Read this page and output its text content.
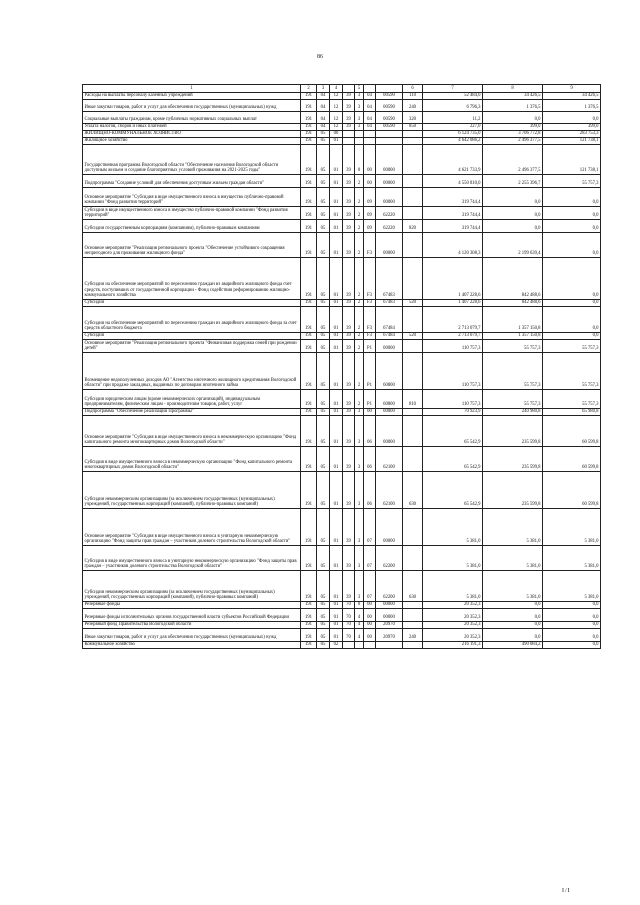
86
1	2	3	4		5			6	7	8	9
Расходы на выплаты персоналу казенных учреждений	191	04	12	39	3	04	00590	110	52 484,0	34 426,5	34 426,5
Иные закупки товаров, работ и услуг для обеспечения государственных (муниципальных) нужд	191	04	12	39	3	04	00590	240	6 796,3	1 376,5	1 376,5
Социальные выплаты гражданам, кроме публичных нормативных социальных выплат	191	04	12	39	3	04	00590	320	11,2	0,0	0,0
Уплата налогов, сборов и иных платежей	191	04	12	39	3	04	00590	850	227,0	399,0	399,0
ЖИЛИЩНО-КОММУНАЛЬНОЕ ХОЗЯЙСТВО	191	05	00						6 124 735,0	3 706 772,8	283 753,3
Жилищное хозяйство	191	05	01						4 642 086,2	2 496 377,5	121 738,1
Государственная программа Вологодской области "Обеспечение населения Вологодской области доступным жильем и создание благоприятных условий проживания на 2021-2025 годы"	191	05	01	39	0	00	00000		4 621 733,9	2 496 377,5	121 738,1
Подпрограмма "Создание условий для обеспечения доступным жильем граждан области"	191	05	01	39	2	00	00000		4 550 810,0	2 255 396,7	55 757,3
Основное мероприятие "Субсидия в виде имущественного взноса в имущество публично-правовой компании "Фонд развития территорий"	191	05	01	39	2	09	00000		319 744,4	0,0	0,0
Субсидии в виде имущественного взноса в имущество публично-правовой компании "Фонд развития территорий"	191	05	01	39	2	09	62220		319 744,4	0,0	0,0
Субсидии государственным корпорациям (компаниям), публично-правовым компаниям	191	05	01	39	2	09	62220	820	319 744,4	0,0	0,0
Основное мероприятие "Реализация регионального проекта "Обеспечение устойчивого сокращения непригодного для проживания жилищного фонда"	191	05	01	39	2	F3	00000		4 120 308,3	2 199 639,4	0,0
Субсидии на обеспечение мероприятий по переселению граждан из аварийного жилищного фонда счет средств, поступивших от государственной корпорации - Фонд содействия реформированию жилищно-коммунального хозяйства	191	05	01	39	2	F3	67483		1 407 228,6	842 488,6	0,0
Субсидии	191	05	01	39	2	F3	67483	520	1 407 228,6	842 488,6	0,0
Субсидии на обеспечение мероприятий по переселению граждан из аварийного жилищного фонда за счет средств областного бюджета	191	05	01	39	2	F3	67484		2 713 079,7	1 357 150,8	0,0
Субсидии	191	05	01	39	2	F3	67484	520	2 713 079,7	1 357 150,8	0,0
Основное мероприятие "Реализация регионального проекта "Финансовая поддержка семей при рождении детей"	191	05	01	39	2	P1	00000		110 757,3	55 757,3	55 757,3
Возмещение недополученных доходов АО "Агентство ипотечного жилищного кредитования Вологодской области" при продаже закладных, выданных по договорам ипотечного займа	191	05	01	39	2	P1	60800		110 757,3	55 757,3	55 757,3
Субсидии юридическим лицам (кроме некоммерческих организаций), индивидуальным предпринимателям, физическим лицам - производителям товаров, работ, услуг	191	05	01	39	2	P1	60800	810	110 757,3	55 757,3	55 757,3
Подпрограмма "Обеспечение реализации Программы"	191	05	01	39	3	00	00000		70 923,9	240 980,8	65 980,8
Основное мероприятие "Субсидия в виде имущественного взноса в некоммерческую организацию "Фонд капитального ремонта многоквартирных домов Вологодской области"	191	05	01	39	3	06	00000		65 542,9	235 599,8	60 599,8
Субсидия в виде имущественного взноса в некоммерческую организацию "Фонд капитального ремонта многоквартирных домов Вологодской области"	191	05	01	39	3	06	62100		65 542,9	235 599,8	60 599,8
Субсидии некоммерческим организациям (за исключением государственных (муниципальных) учреждений, государственных корпораций (компаний), публично-правовых компаний)	191	05	01	39	3	06	62100	630	65 542,9	235 599,8	60 599,8
Основное мероприятие "Субсидия в виде имущественного взноса в унитарную некоммерческую организацию "Фонд защиты прав граждан – участников долевого строительства Вологодской области"	191	05	01	39	3	07	00000		5 381,0	5 381,0	5 381,0
Субсидия в виде имущественного взноса в унитарную некоммерческую организацию "Фонд защиты прав граждан – участников долевого строительства Вологодской области"	191	05	01	39	3	07	62200		5 381,0	5 381,0	5 381,0
Субсидии некоммерческим организациям (за исключением государственных (муниципальных) учреждений, государственных корпораций (компаний), публично-правовых компаний)	191	05	01	39	3	07	62200	630	5 381,0	5 381,0	5 381,0
Резервные фонды	191	05	01	70	0	00	00000		20 352,3	0,0	0,0
Резервные фонды исполнительных органов государственной власти субъектов Российской Федерации	191	05	01	70	4	00	00000		20 352,3	0,0	0,0
Резервный фонд Правительства Вологодской области	191	05	01	70	4	00	20970		20 352,3	0,0	0,0
Иные закупки товаров, работ и услуг для обеспечения государственных (муниципальных) нужд	191	05	01	70	4	00	20970	240	20 352,3	0,0	0,0
Коммунальное хозяйство	191	05	02						216 191,3	490 084,2	0,0
I/I
